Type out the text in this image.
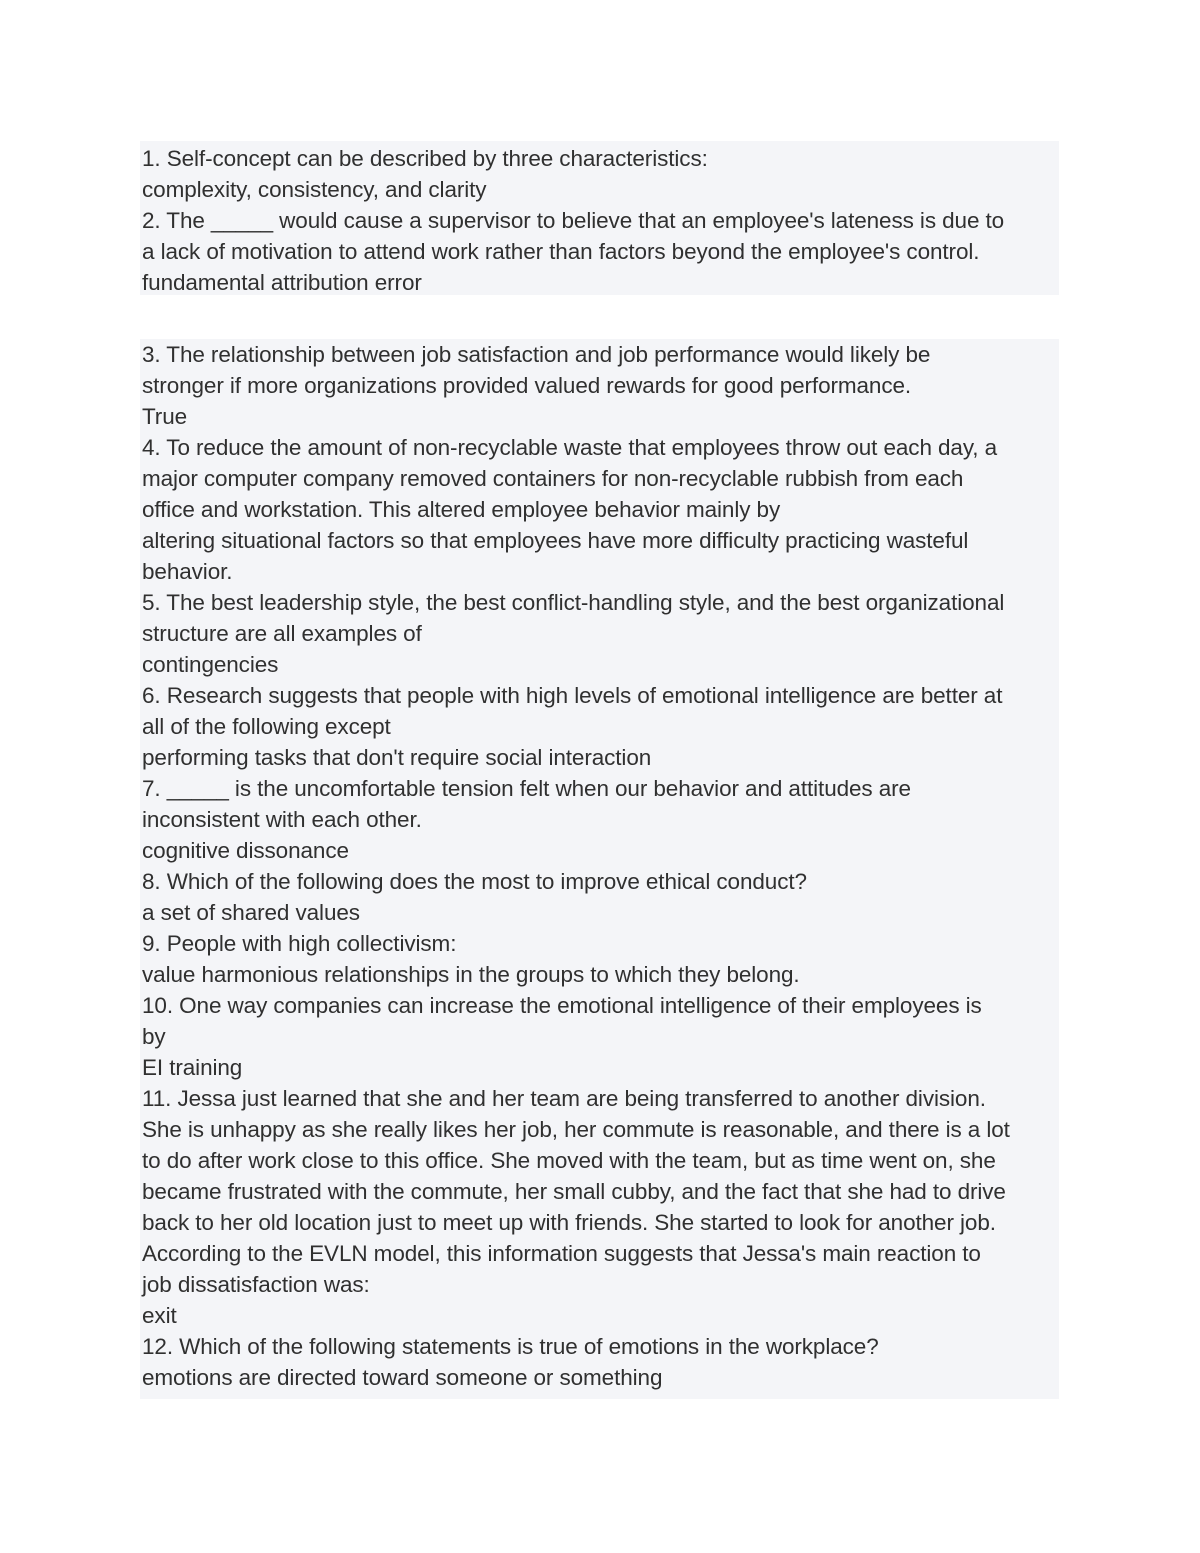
1. Self-concept can be described by three characteristics:
complexity, consistency, and clarity
2. The _____ would cause a supervisor to believe that an employee's lateness is due to
a lack of motivation to attend work rather than factors beyond the employee's control.
fundamental attribution error
3. The relationship between job satisfaction and job performance would likely be
stronger if more organizations provided valued rewards for good performance.
True
4. To reduce the amount of non-recyclable waste that employees throw out each day, a
major computer company removed containers for non-recyclable rubbish from each
office and workstation. This altered employee behavior mainly by
altering situational factors so that employees have more difficulty practicing wasteful
behavior.
5. The best leadership style, the best conflict-handling style, and the best organizational
structure are all examples of
contingencies
6. Research suggests that people with high levels of emotional intelligence are better at
all of the following except
performing tasks that don't require social interaction
7. _____ is the uncomfortable tension felt when our behavior and attitudes are
inconsistent with each other.
cognitive dissonance
8. Which of the following does the most to improve ethical conduct?
a set of shared values
9. People with high collectivism:
value harmonious relationships in the groups to which they belong.
10. One way companies can increase the emotional intelligence of their employees is
by
EI training
11. Jessa just learned that she and her team are being transferred to another division.
She is unhappy as she really likes her job, her commute is reasonable, and there is a lot
to do after work close to this office. She moved with the team, but as time went on, she
became frustrated with the commute, her small cubby, and the fact that she had to drive
back to her old location just to meet up with friends. She started to look for another job.
According to the EVLN model, this information suggests that Jessa's main reaction to
job dissatisfaction was:
exit
12. Which of the following statements is true of emotions in the workplace?
emotions are directed toward someone or something
